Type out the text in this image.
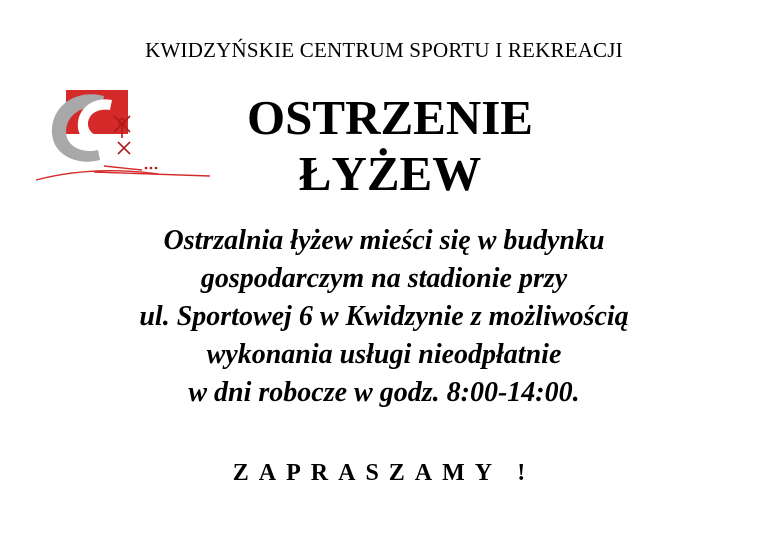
KWIDZYŃSKIE CENTRUM SPORTU I REKREACJI
OSTRZENIE
ŁYŻEW
Ostrzalnia łyżew mieści się w budynku
gospodarczym na stadionie przy
ul. Sportowej 6 w Kwidzynie z możliwością
wykonania usługi nieodpłatnie
w dni robocze w godz. 8:00-14:00.
ZAPRASZAMY !
